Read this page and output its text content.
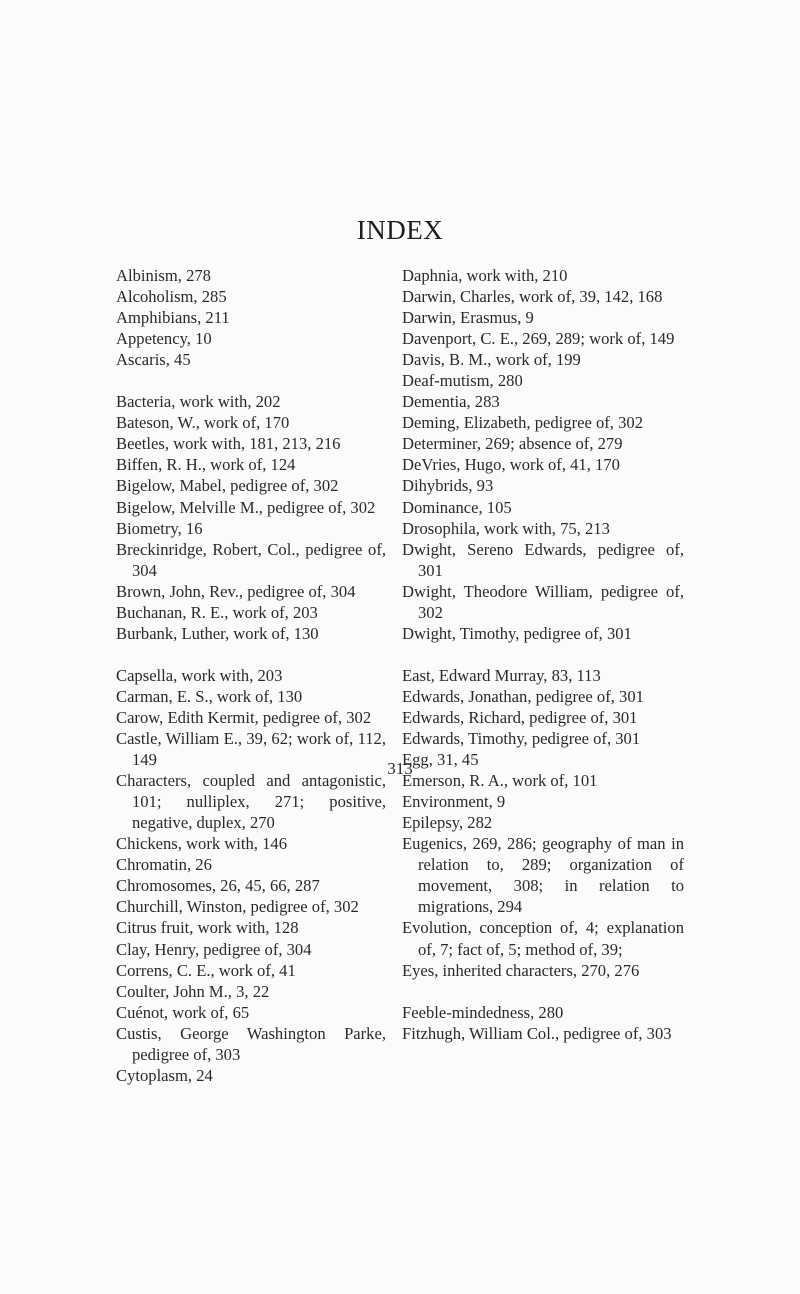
INDEX

Albinism, 278

Alcoholism, 285

Amphibians, 211

Appetency, 10

Ascaris, 45

Bacteria, work with, 202

Bateson, W., work of, 170

Beetles, work with, 181, 213, 216

Biffen, R. H., work of, 124

Bigelow, Mabel, pedigree of, 302

Bigelow, Melville M., pedigree of, 302

Biometry, 16

Breckinridge, Robert, Col., pedigree of, 304

Brown, John, Rev., pedigree of, 304

Buchanan, R. E., work of, 203

Burbank, Luther, work of, 130

Capsella, work with, 203

Carman, E. S., work of, 130

Carow, Edith Kermit, pedigree of, 302

Castle, William E., 39, 62; work of, 112, 149

Characters, coupled and antagonistic, 101; nulliplex, 271; positive, negative, duplex, 270

Chickens, work with, 146

Chromatin, 26

Chromosomes, 26, 45, 66, 287

Churchill, Winston, pedigree of, 302

Citrus fruit, work with, 128

Clay, Henry, pedigree of, 304

Correns, C. E., work of, 41

Coulter, John M., 3, 22

Cuénot, work of, 65

Custis, George Washington Parke, pedigree of, 303

Cytoplasm, 24

Daphnia, work with, 210

Darwin, Charles, work of, 39, 142, 168

Darwin, Erasmus, 9

Davenport, C. E., 269, 289; work of, 149

Davis, B. M., work of, 199

Deaf-mutism, 280

Dementia, 283

Deming, Elizabeth, pedigree of, 302

Determiner, 269; absence of, 279

DeVries, Hugo, work of, 41, 170

Dihybrids, 93

Dominance, 105

Drosophila, work with, 75, 213

Dwight, Sereno Edwards, pedigree of, 301

Dwight, Theodore William, pedigree of, 302

Dwight, Timothy, pedigree of, 301

East, Edward Murray, 83, 113

Edwards, Jonathan, pedigree of, 301

Edwards, Richard, pedigree of, 301

Edwards, Timothy, pedigree of, 301

Egg, 31, 45

Emerson, R. A., work of, 101

Environment, 9

Epilepsy, 282

Eugenics, 269, 286; geography of man in relation to, 289; organization of movement, 308; in relation to migrations, 294

Evolution, conception of, 4; explanation of, 7; fact of, 5; method of, 39;

Eyes, inherited characters, 270, 276

Feeble-mindedness, 280

Fitzhugh, William Col., pedigree of, 303

313
